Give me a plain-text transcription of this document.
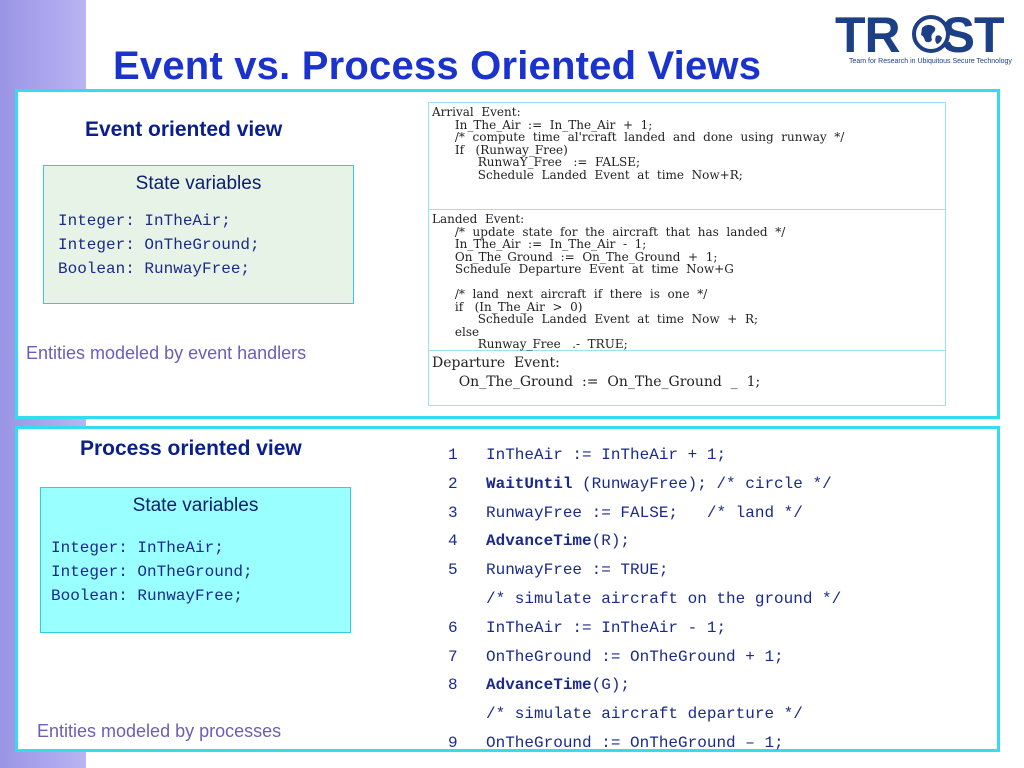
Event vs. Process Oriented Views
TR ST
Team for Research in Ubiquitous Secure Technology
Event oriented view
State variables
Integer: InTheAir;
Integer: OnTheGround;
Boolean: RunwayFree;

Entities modeled by event handlers

Arrival  Event:
In_The_Air  :=  In_The_Air  +  1;
/*  compute  time  al'rcraft  landed  and  done  using  runway  */
If   (Runway_Free)
RunwaY_Free   :=  FALSE;
Schedule  Landed  Event  at  time  Now+R;
Landed  Event:
/*  update  state  for  the  aircraft  that  has  landed  */
In_The_Air  :=  In_The_Air  -  1;
On_The_Ground  :=  On_The_Ground  +  1;
Schedule  Departure  Event  at  time  Now+G

/*  land  next  aircraft  if  there  is  one  */
if   (In_The_Air  >  0)
Schedule  Landed  Event  at  time  Now  +  R;
else
Runway_Free   .-  TRUE;
Departure  Event:
On_The_Ground  :=  On_The_Ground  _  1;
Process oriented view
State variables
Integer: InTheAir;
Integer: OnTheGround;
Boolean: RunwayFree;

Entities modeled by processes

1 InTheAir := InTheAir + 1;
2 WaitUntil (RunwayFree); /* circle */
3 RunwayFree := FALSE;   /* land */
4 AdvanceTime(R);
5 RunwayFree := TRUE;
/* simulate aircraft on the ground */
6 InTheAir := InTheAir - 1;
7 OnTheGround := OnTheGround + 1;
8 AdvanceTime(G);
/* simulate aircraft departure */
9 OnTheGround := OnTheGround – 1;
